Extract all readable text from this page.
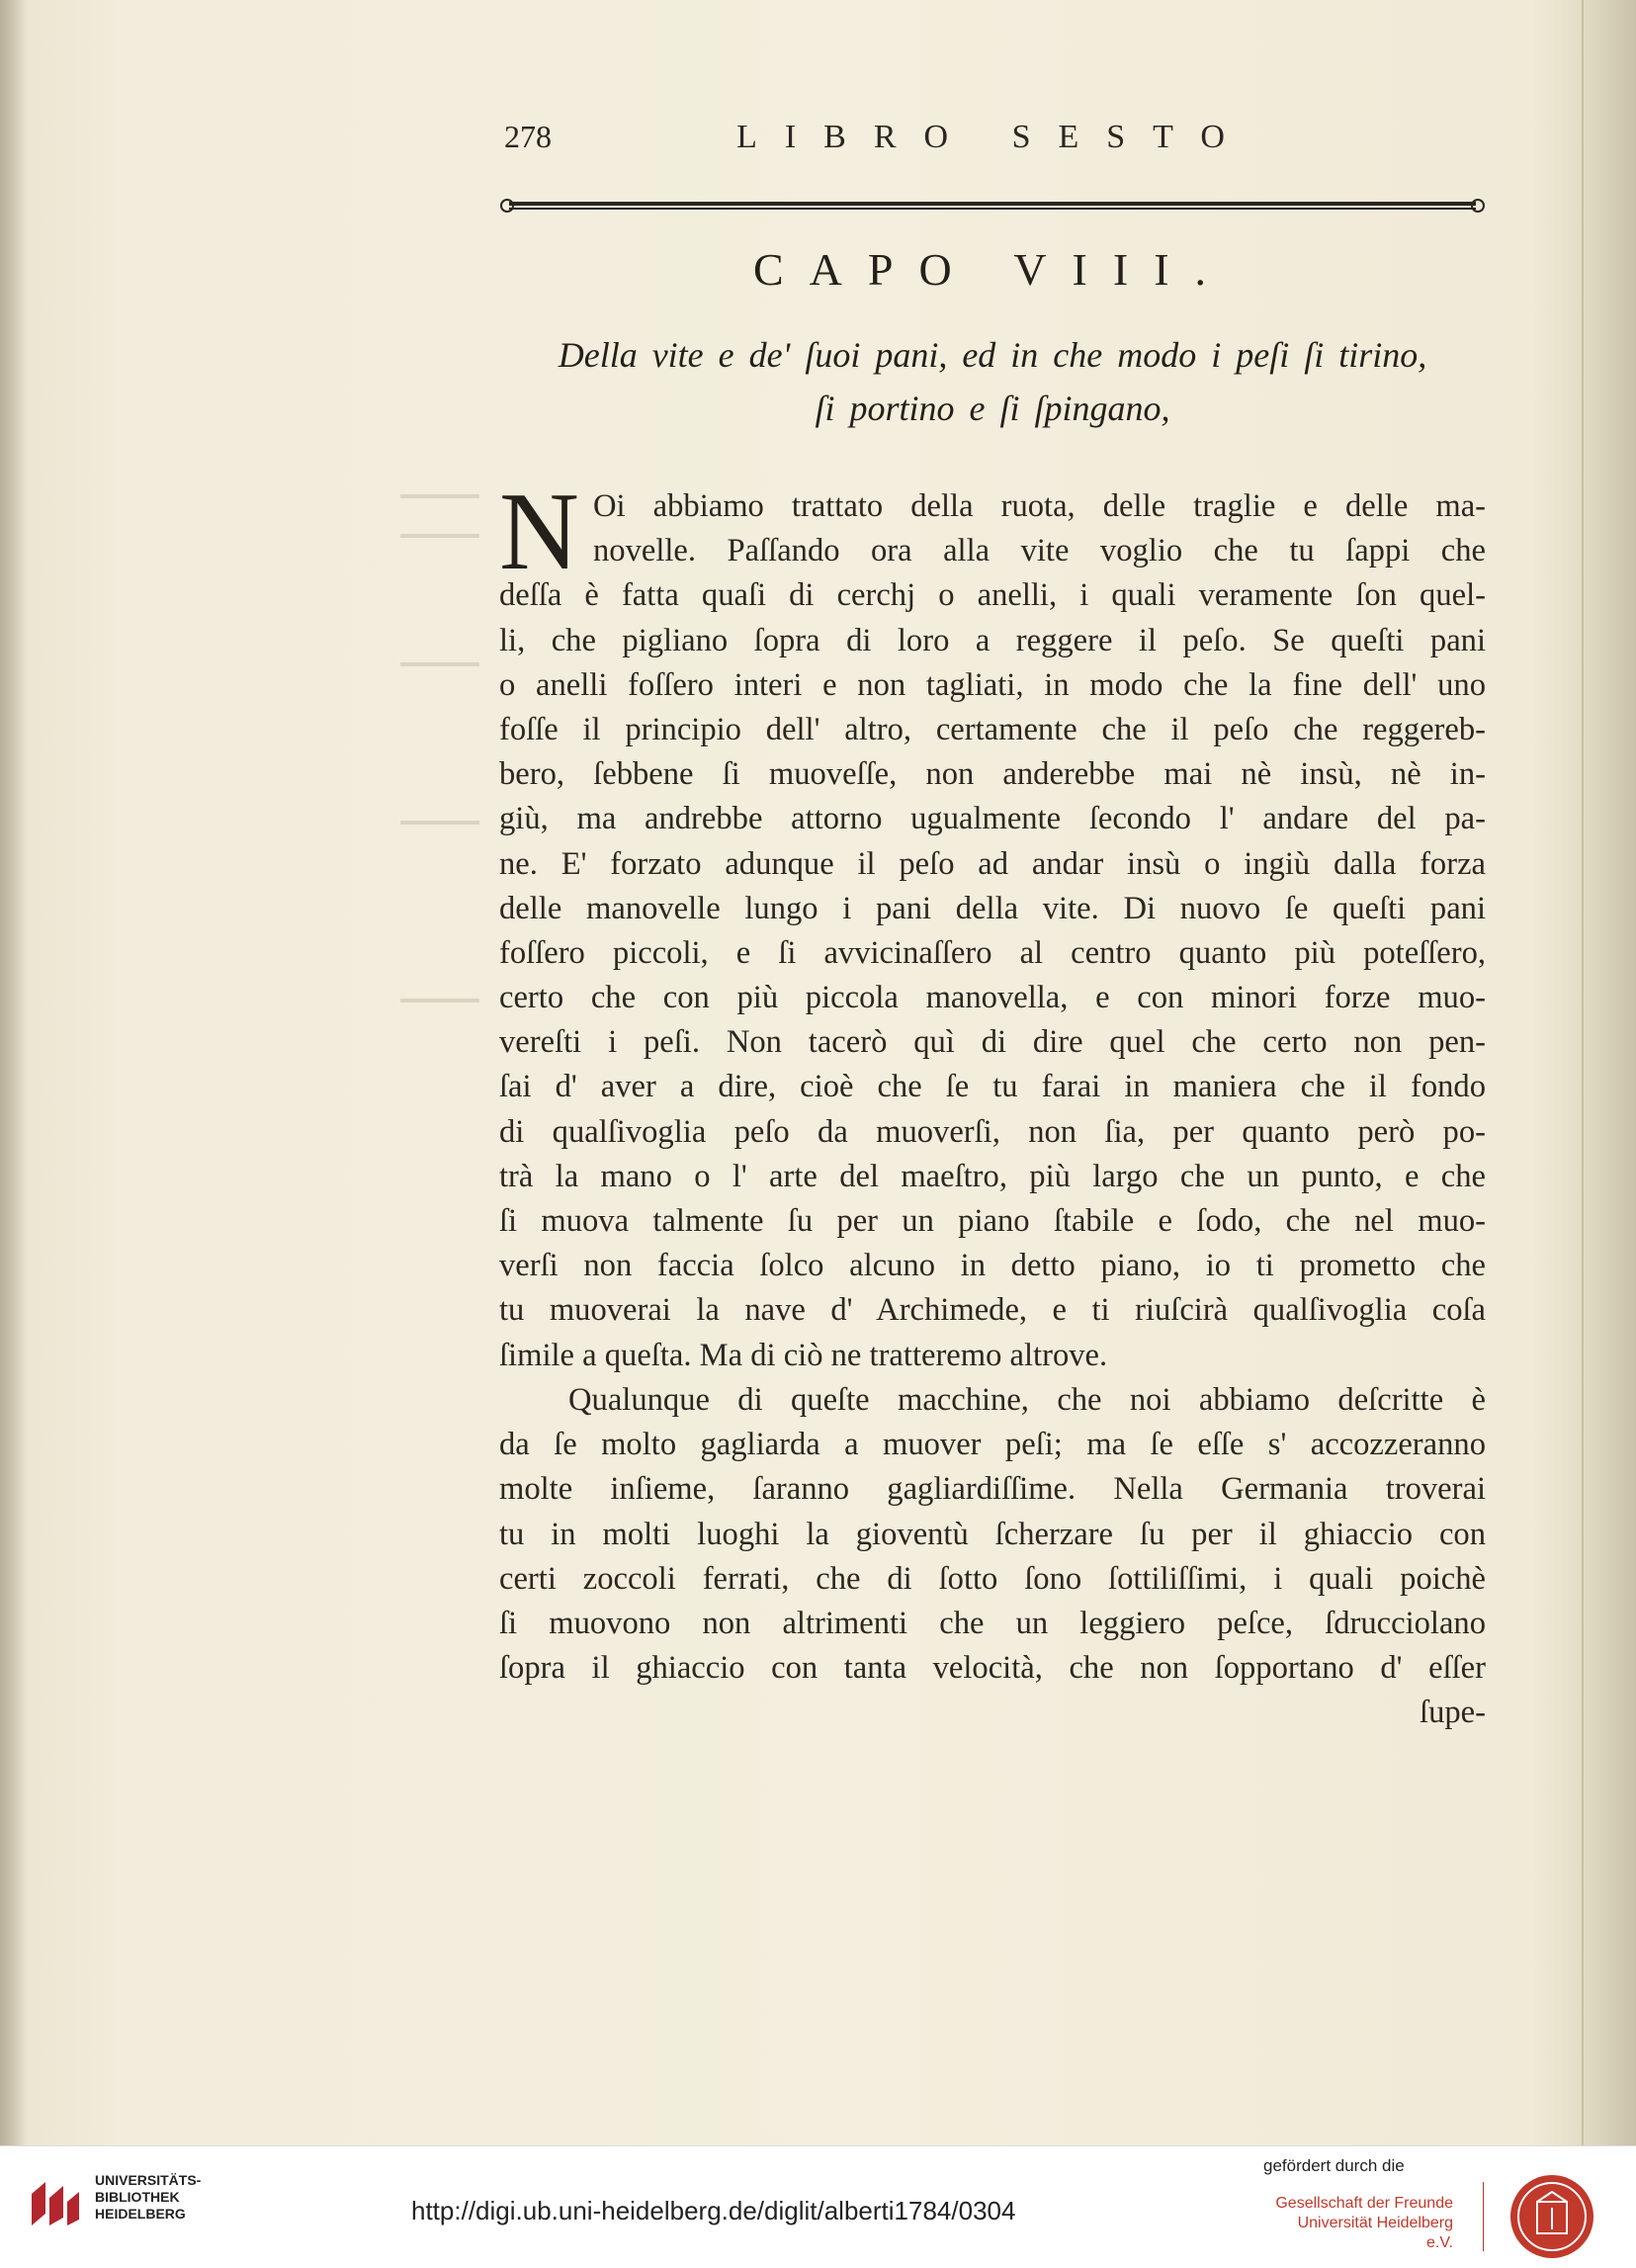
278	LIBRO SESTO
CAPO VIII.
Della vite e de' ſuoi pani, ed in che modo i peſi ſi tirino,
ſi portino e ſi ſpingano,
N Oi abbiamo trattato della ruota, delle traglie e delle ma-
novelle. Paſſando ora alla vite voglio che tu ſappi che
deſſa è fatta quaſi di cerchj o anelli, i quali veramente ſon quel-
li, che pigliano ſopra di loro a reggere il peſo. Se queſti pani
o anelli foſſero interi e non tagliati, in modo che la fine dell' uno
foſſe il principio dell' altro, certamente che il peſo che reggereb-
bero, ſebbene ſi muoveſſe, non anderebbe mai nè insù, nè in-
giù, ma andrebbe attorno ugualmente ſecondo l' andare del pa-
ne. E' forzato adunque il peſo ad andar insù o ingiù dalla forza
delle manovelle lungo i pani della vite. Di nuovo ſe queſti pani
foſſero piccoli, e ſi avvicinaſſero al centro quanto più poteſſero,
certo che con più piccola manovella, e con minori forze muo-
vereſti i peſi. Non tacerò quì di dire quel che certo non pen-
ſai d' aver a dire, cioè che ſe tu farai in maniera che il fondo
di qualſivoglia peſo da muoverſi, non ſia, per quanto però po-
trà la mano o l' arte del maeſtro, più largo che un punto, e che
ſi muova talmente ſu per un piano ſtabile e ſodo, che nel muo-
verſi non faccia ſolco alcuno in detto piano, io ti prometto che
tu muoverai la nave d' Archimede, e ti riuſcirà qualſivoglia coſa
ſimile a queſta. Ma di ciò ne tratteremo altrove.
Qualunque di queſte macchine, che noi abbiamo deſcritte è
da ſe molto gagliarda a muover peſi; ma ſe eſſe s' accozzeranno
molte inſieme, ſaranno gagliardiſſime. Nella Germania troverai
tu in molti luoghi la gioventù ſcherzare ſu per il ghiaccio con
certi zoccoli ferrati, che di ſotto ſono ſottiliſſimi, i quali poichè
ſi muovono non altrimenti che un leggiero peſce, ſdrucciolano
ſopra il ghiaccio con tanta velocità, che non ſopportano d' eſſer
ſupe-
UNIVERSITÄTS-
BIBLIOTHEK
HEIDELBERG	http://digi.ub.uni-heidelberg.de/diglit/alberti1784/0304
gefördert durch die
Gesellschaft der Freunde
Universität Heidelberg e.V.
